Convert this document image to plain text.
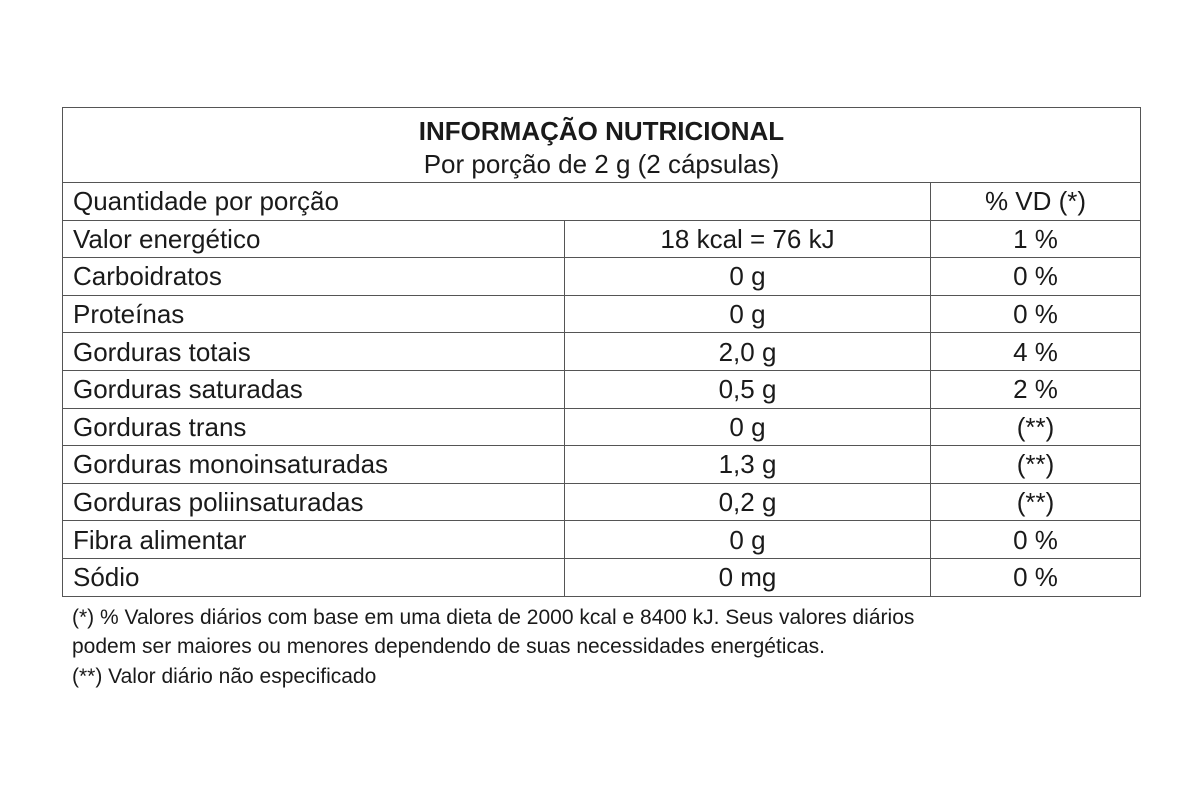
INFORMAÇÃO NUTRICIONAL
Por porção de 2 g (2 cápsulas)		

Quantidade por porção		% VD (*)
Valor energético	18 kcal = 76 kJ	1 %
Carboidratos	0 g	0 %
Proteínas	0 g	0 %
Gorduras totais	2,0 g	4 %
Gorduras saturadas	0,5 g	2 %
Gorduras trans	0 g	(**)
Gorduras monoinsaturadas	1,3 g	(**)
Gorduras poliinsaturadas	0,2 g	(**)
Fibra alimentar	0 g	0 %
Sódio	0 mg	0 %
(*) % Valores diários com base em uma dieta de 2000 kcal e 8400 kJ. Seus valores diários
podem ser maiores ou menores dependendo de suas necessidades energéticas.
(**) Valor diário não especificado
